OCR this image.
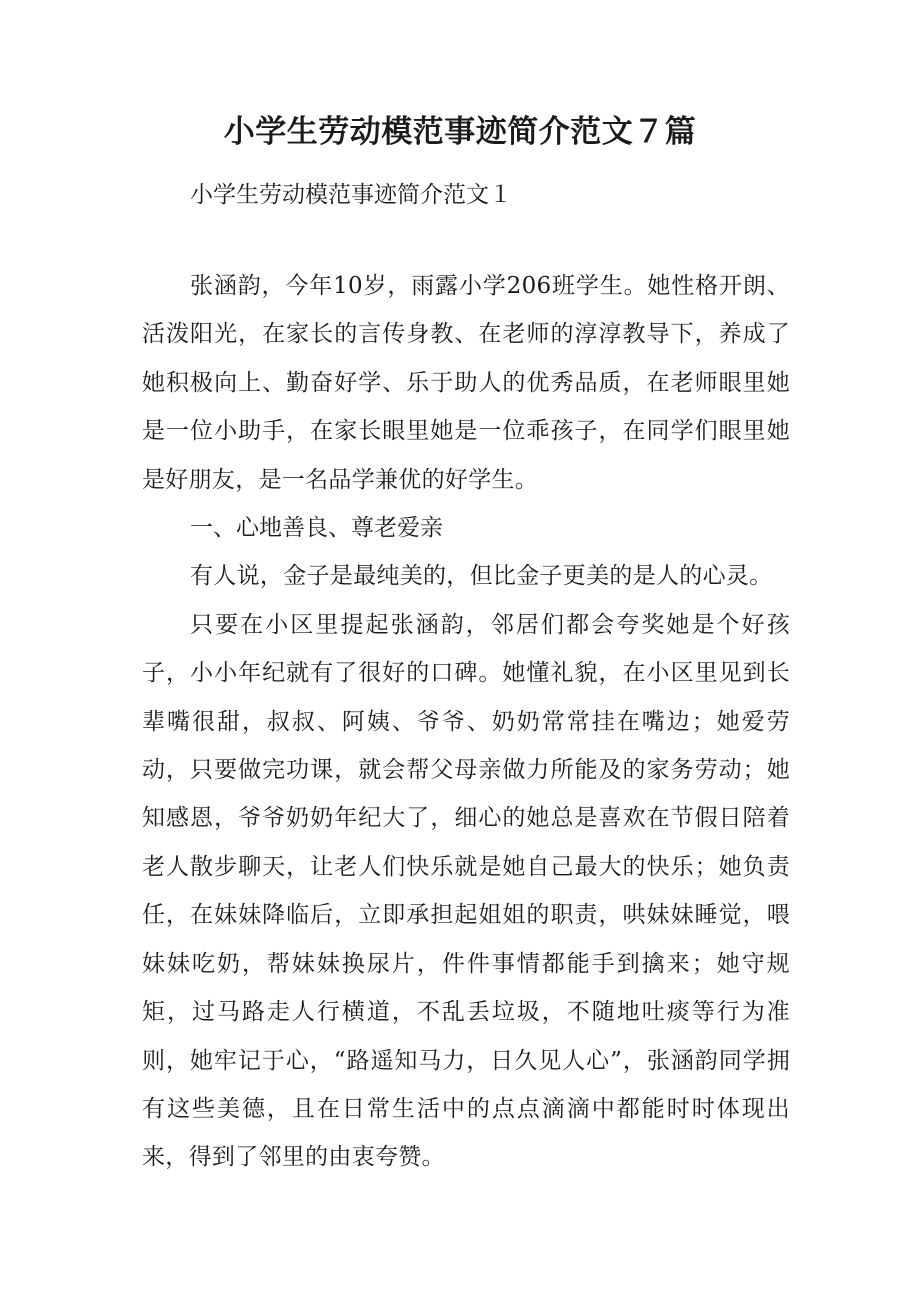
小学生劳动模范事迹简介范文７篇

小学生劳动模范事迹简介范文１

张涵韵，今年10岁，雨露小学206班学生。她性格开朗、活泼阳光，在家长的言传身教、在老师的淳淳教导下，养成了她积极向上、勤奋好学、乐于助人的优秀品质，在老师眼里她是一位小助手，在家长眼里她是一位乖孩子，在同学们眼里她是好朋友，是一名品学兼优的好学生。

一、心地善良、尊老爱亲

有人说，金子是最纯美的，但比金子更美的是人的心灵。

只要在小区里提起张涵韵，邻居们都会夸奖她是个好孩子，小小年纪就有了很好的口碑。她懂礼貌，在小区里见到长辈嘴很甜，叔叔、阿姨、爷爷、奶奶常常挂在嘴边；她爱劳动，只要做完功课，就会帮父母亲做力所能及的家务劳动；她知感恩，爷爷奶奶年纪大了，细心的她总是喜欢在节假日陪着老人散步聊天，让老人们快乐就是她自己最大的快乐；她负责任，在妹妹降临后，立即承担起姐姐的职责，哄妹妹睡觉，喂妹妹吃奶，帮妹妹换尿片，件件事情都能手到擒来；她守规矩，过马路走人行横道，不乱丢垃圾，不随地吐痰等行为准则，她牢记于心，“路遥知马力，日久见人心”，张涵韵同学拥有这些美德，且在日常生活中的点点滴滴中都能时时体现出来，得到了邻里的由衷夸赞。
